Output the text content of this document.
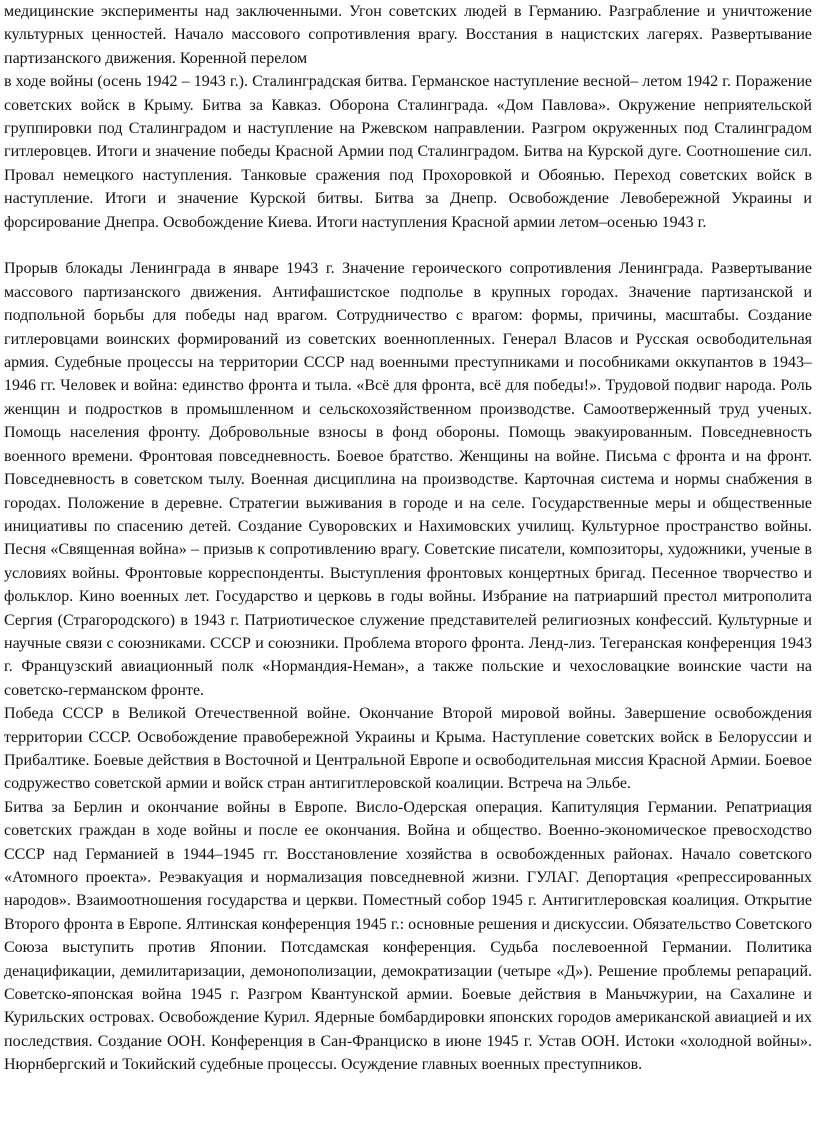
медицинские эксперименты над заключенными. Угон советских людей в Германию. Разграбление и уничтожение культурных ценностей. Начало массового сопротивления врагу. Восстания в нацистских лагерях. Развертывание партизанского движения. Коренной перелом

в ходе войны (осень 1942 – 1943 г.). Сталинградская битва. Германское наступление весной– летом 1942 г. Поражение советских войск в Крыму. Битва за Кавказ. Оборона Сталинграда. «Дом Павлова». Окружение неприятельской группировки под Сталинградом и наступление на Ржевском направлении. Разгром окруженных под Сталинградом гитлеровцев. Итоги и значение победы Красной Армии под Сталинградом. Битва на Курской дуге. Соотношение сил. Провал немецкого наступления. Танковые сражения под Прохоровкой и Обоянью. Переход советских войск в наступление. Итоги и значение Курской битвы. Битва за Днепр. Освобождение Левобережной Украины и форсирование Днепра. Освобождение Киева. Итоги наступления Красной армии летом–осенью 1943 г.

Прорыв блокады Ленинграда в январе 1943 г. Значение героического сопротивления Ленинграда. Развертывание массового партизанского движения. Антифашистское подполье в крупных городах. Значение партизанской и подпольной борьбы для победы над врагом. Сотрудничество с врагом: формы, причины, масштабы. Создание гитлеровцами воинских формирований из советских военнопленных. Генерал Власов и Русская освободительная армия. Судебные процессы на территории СССР над военными преступниками и пособниками оккупантов в 1943–1946 гг. Человек и война: единство фронта и тыла. «Всё для фронта, всё для победы!». Трудовой подвиг народа. Роль женщин и подростков в промышленном и сельскохозяйственном производстве. Самоотверженный труд ученых. Помощь населения фронту. Добровольные взносы в фонд обороны. Помощь эвакуированным. Повседневность военного времени. Фронтовая повседневность. Боевое братство. Женщины на войне. Письма с фронта и на фронт. Повседневность в советском тылу. Военная дисциплина на производстве. Карточная система и нормы снабжения в городах. Положение в деревне. Стратегии выживания в городе и на селе. Государственные меры и общественные инициативы по спасению детей. Создание Суворовских и Нахимовских училищ. Культурное пространство войны. Песня «Священная война» – призыв к сопротивлению врагу. Советские писатели, композиторы, художники, ученые в условиях войны. Фронтовые корреспонденты. Выступления фронтовых концертных бригад. Песенное творчество и фольклор. Кино военных лет. Государство и церковь в годы войны. Избрание на патриарший престол митрополита Сергия (Страгородского) в 1943 г. Патриотическое служение представителей религиозных конфессий. Культурные и научные связи с союзниками. СССР и союзники. Проблема второго фронта. Ленд-лиз. Тегеранская конференция 1943 г. Французский авиационный полк «Нормандия-Неман», а также польские и чехословацкие воинские части на советско-германском фронте.

Победа СССР в Великой Отечественной войне. Окончание Второй мировой войны. Завершение освобождения территории СССР. Освобождение правобережной Украины и Крыма. Наступление советских войск в Белоруссии и Прибалтике. Боевые действия в Восточной и Центральной Европе и освободительная миссия Красной Армии. Боевое содружество советской армии и войск стран антигитлеровской коалиции. Встреча на Эльбе.

Битва за Берлин и окончание войны в Европе. Висло-Одерская операция. Капитуляция Германии. Репатриация советских граждан в ходе войны и после ее окончания. Война и общество. Военно-экономическое превосходство СССР над Германией в 1944–1945 гг. Восстановление хозяйства в освобожденных районах. Начало советского «Атомного проекта». Реэвакуация и нормализация повседневной жизни. ГУЛАГ. Депортация «репрессированных народов». Взаимоотношения государства и церкви. Поместный собор 1945 г. Антигитлеровская коалиция. Открытие Второго фронта в Европе. Ялтинская конференция 1945 г.: основные решения и дискуссии. Обязательство Советского Союза выступить против Японии. Потсдамская конференция. Судьба послевоенной Германии. Политика денацификации, демилитаризации, демонополизации, демократизации (четыре «Д»). Решение проблемы репараций. Советско-японская война 1945 г. Разгром Квантунской армии. Боевые действия в Маньчжурии, на Сахалине и Курильских островах. Освобождение Курил. Ядерные бомбардировки японских городов американской авиацией и их последствия. Создание ООН. Конференция в Сан-Франциско в июне 1945 г. Устав ООН. Истоки «холодной войны». Нюрнбергский и Токийский судебные процессы. Осуждение главных военных преступников.
